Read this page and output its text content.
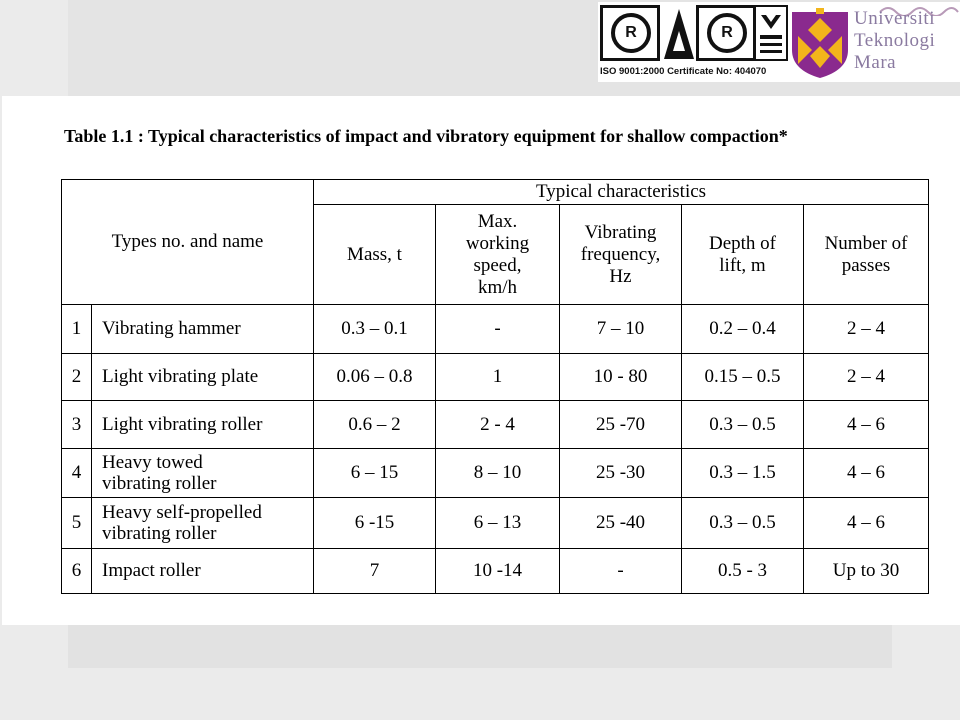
R	R
ISO 9001:2000 Certificate No: 404070
Universiti
Teknologi
Mara
Table 1.1 : Typical characteristics of impact and vibratory equipment for shallow compaction*
Types no. and name		Typical characteristics				
		Mass, t	Max. working speed, km/h	Vibrating frequency, Hz	Depth of lift, m	Number of passes

1	Vibrating hammer	0.3 – 0.1	-	7 – 10	0.2 – 0.4	2 – 4
2	Light vibrating plate	0.06 – 0.8	1	10 - 80	0.15 – 0.5	2 – 4
3	Light vibrating roller	0.6 – 2	2 - 4	25 -70	0.3 – 0.5	4 – 6
4	Heavy towed vibrating roller	6 – 15	8 – 10	25 -30	0.3 – 1.5	4 – 6
5	Heavy self-propelled vibrating roller	6 -15	6 – 13	25 -40	0.3 – 0.5	4 – 6
6	Impact roller	7	10 -14	-	0.5 - 3	Up to 30
